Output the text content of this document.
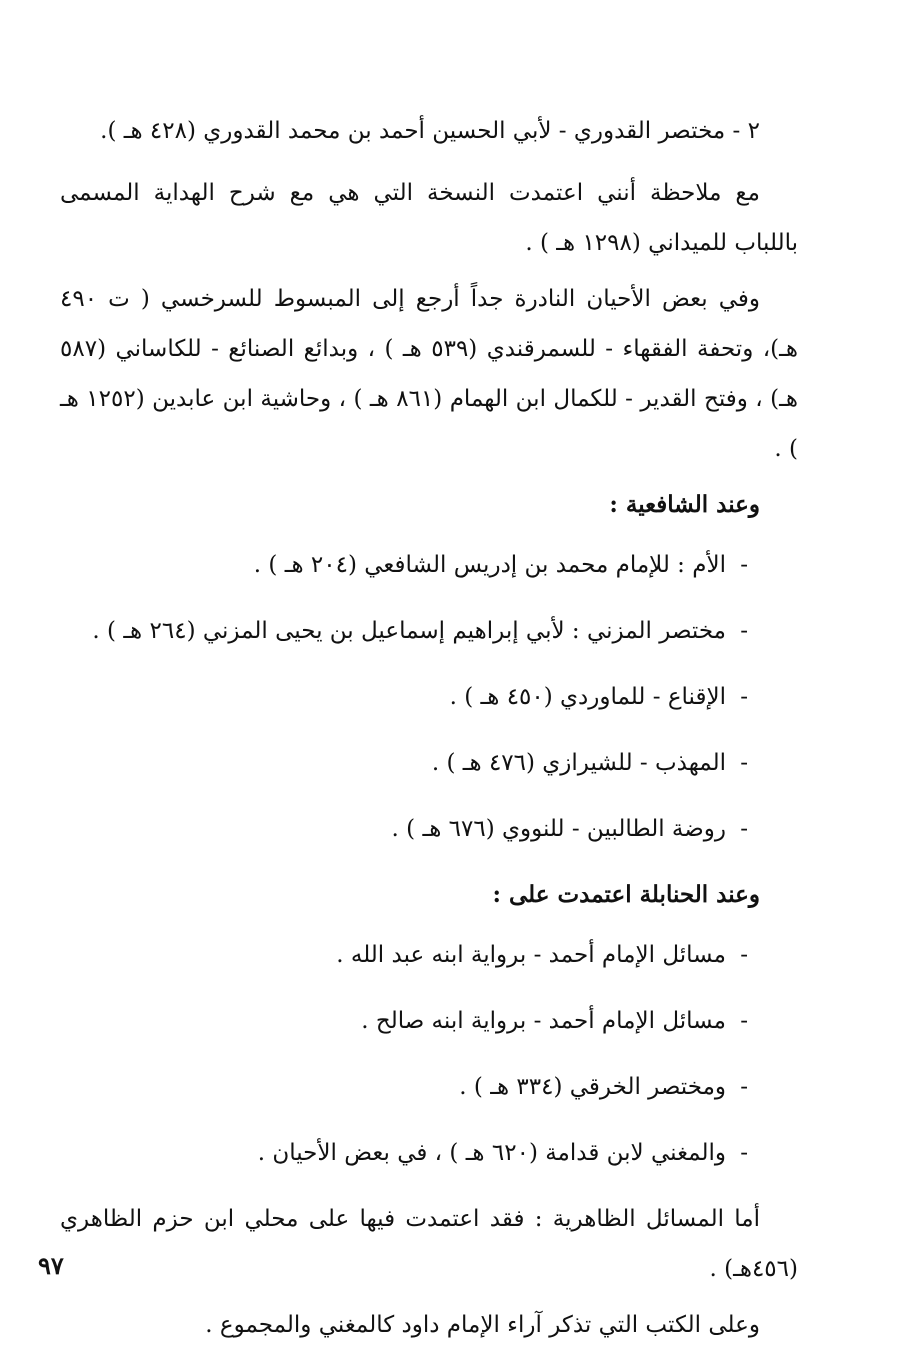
٢ - مختصر القدوري - لأبي الحسين أحمد بن محمد القدوري (٤٢٨ هـ ).

مع ملاحظة أنني اعتمدت النسخة التي هي مع شرح الهداية المسمى باللباب للميداني (١٢٩٨ هـ ) .

وفي بعض الأحيان النادرة جداً أرجع إلى المبسوط للسرخسي ( ت ٤٩٠ هـ)، وتحفة الفقهاء - للسمرقندي (٥٣٩ هـ ) ، وبدائع الصنائع - للكاساني (٥٨٧ هـ) ، وفتح القدير - للكمال ابن الهمام (٨٦١ هـ ) ، وحاشية ابن عابدين (١٢٥٢ هـ ) .

وعند الشافعية :
-
الأم : للإمام محمد بن إدريس الشافعي (٢٠٤ هـ ) .
-
مختصر المزني : لأبي إبراهيم إسماعيل بن يحيى المزني (٢٦٤ هـ ) .
-
الإقناع - للماوردي (٤٥٠ هـ ) .
-
المهذب - للشيرازي (٤٧٦ هـ ) .
-
روضة الطالبين - للنووي (٦٧٦ هـ ) .
وعند الحنابلة اعتمدت على :
-
مسائل الإمام أحمد - برواية ابنه عبد الله .
-
مسائل الإمام أحمد - برواية ابنه صالح .
-
ومختصر الخرقي (٣٣٤ هـ ) .
-
والمغني لابن قدامة (٦٢٠ هـ ) ، في بعض الأحيان .

أما المسائل الظاهرية : فقد اعتمدت فيها على محلي ابن حزم الظاهري (٤٥٦هـ) .

وعلى الكتب التي تذكر آراء الإمام داود كالمغني والمجموع .

٩٧
